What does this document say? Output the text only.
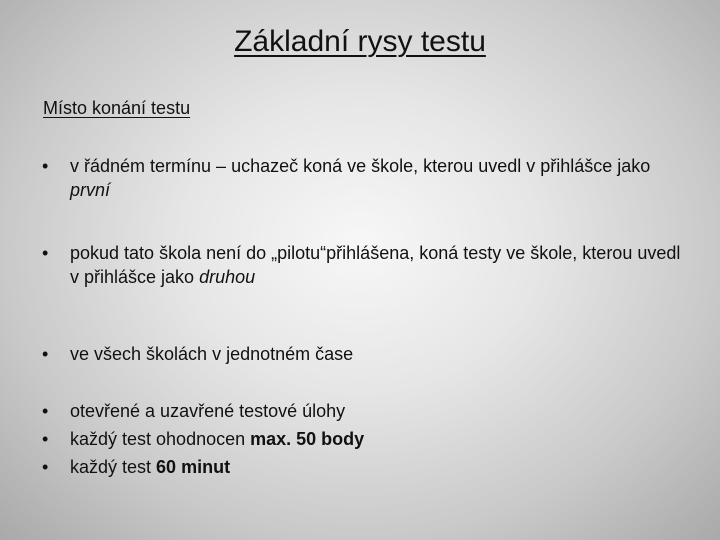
Základní rysy testu
Místo konání testu
• v řádném termínu – uchazeč koná ve škole, kterou uvedl v přihlášce jako první
• pokud tato škola není do „pilotu“přihlášena, koná testy ve škole, kterou uvedl v přihlášce jako druhou
• ve všech školách v jednotném čase
• otevřené a uzavřené testové úlohy
• každý test ohodnocen max. 50 body
• každý test 60 minut
